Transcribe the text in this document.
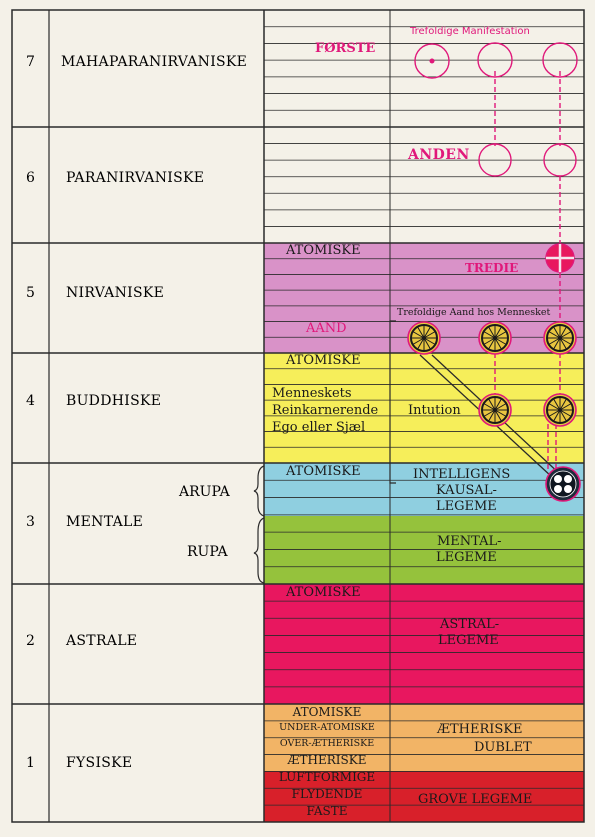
7 MAHAPARANIRVANISKE
6 PARANIRVANISKE
5 NIRVANISKE
4 BUDDHISKE
3 MENTALE
ARUPA
RUPA
2 ASTRALE
1 FYSISKE
Trefoldige Manifestation
FØRSTE
ANDEN
TREDIE
ATOMISKE
AAND
Trefoldige Aand hos Mennesket
ATOMISKE
Menneskets
Reinkarnerende
Ego eller Sjæl
Intution
ATOMISKE	INTELLIGENS
KAUSAL-
LEGEME
MENTAL-
LEGEME
ATOMISKE
ASTRAL-
LEGEME
ATOMISKE
UNDER-ATOMISKE
OVER-ÆTHERISKE
ÆTHERISKE
LUFTFORMIGE
FLYDENDE
FASTE
ÆTHERISKE
DUBLET
GROVE LEGEME
